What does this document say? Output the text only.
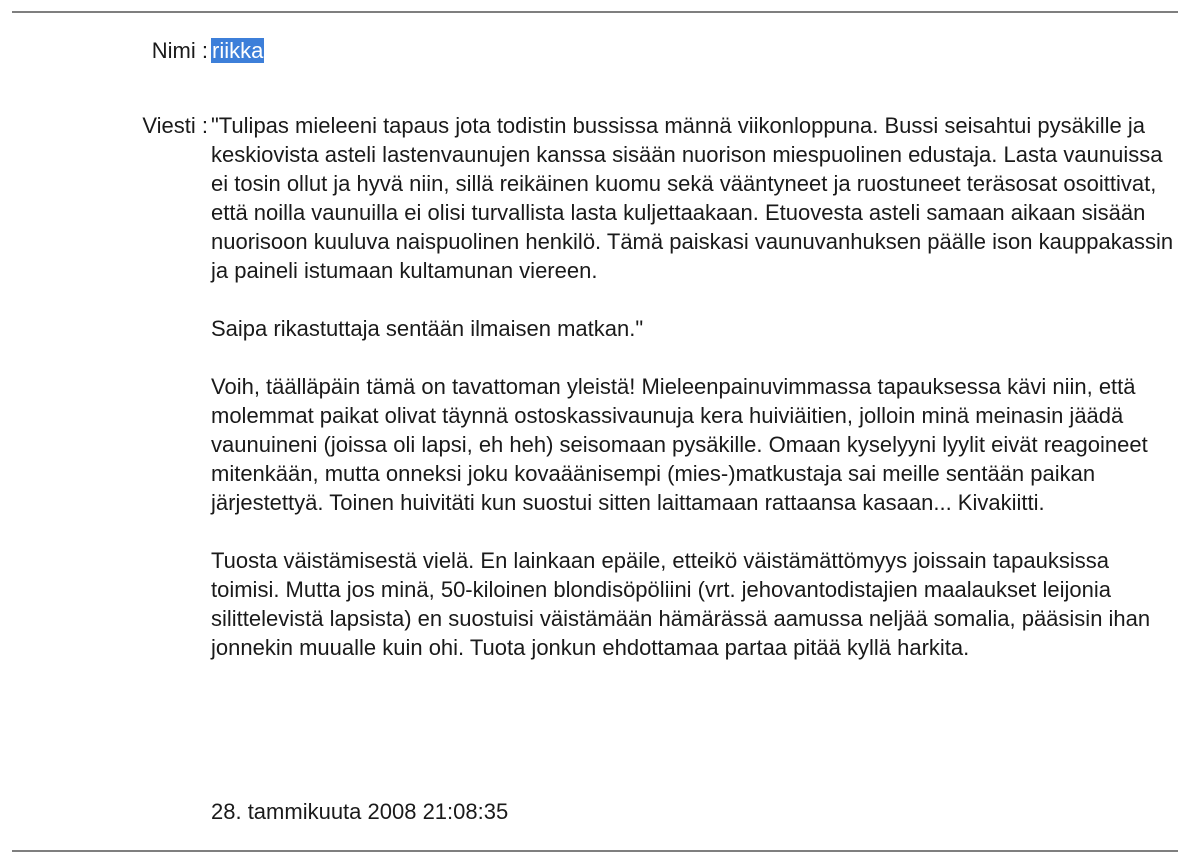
Nimi : riikka
Viesti : "Tulipas mieleeni tapaus jota todistin bussissa männä viikonloppuna. Bussi seisahtui pysäkille ja keskiovista asteli lastenvaunujen kanssa sisään nuorison miespuolinen edustaja. Lasta vaunuissa ei tosin ollut ja hyvä niin, sillä reikäinen kuomu sekä vääntyneet ja ruostuneet teräsosat osoittivat, että noilla vaunuilla ei olisi turvallista lasta kuljettaakaan. Etuovesta asteli samaan aikaan sisään nuorisoon kuuluva naispuolinen henkilö. Tämä paiskasi vaunuvanhuksen päälle ison kauppakassin ja paineli istumaan kultamunan viereen.

Saipa rikastuttaja sentään ilmaisen matkan."

Voih, täälläpäin tämä on tavattoman yleistä! Mieleenpainuvimmassa tapauksessa kävi niin, että molemmat paikat olivat täynnä ostoskassivaunuja kera huiviäitien, jolloin minä meinasin jäädä vaunuineni (joissa oli lapsi, eh heh) seisomaan pysäkille. Omaan kyselyyni lyylit eivät reagoineet mitenkään, mutta onneksi joku kovaäänisempi (mies-)matkustaja sai meille sentään paikan järjestettyä. Toinen huivitäti kun suostui sitten laittamaan rattaansa kasaan... Kivakiitti.

Tuosta väistämisestä vielä. En lainkaan epäile, etteikö väistämättömyys joissain tapauksissa toimisi. Mutta jos minä, 50-kiloinen blondisöpöliini (vrt. jehovantodistajien maalaukset leijonia silittelevistä lapsista) en suostuisi väistämään hämärässä aamussa neljää somalia, pääsisin ihan jonnekin muualle kuin ohi. Tuota jonkun ehdottamaa partaa pitää kyllä harkita.

28. tammikuuta 2008 21:08:35
